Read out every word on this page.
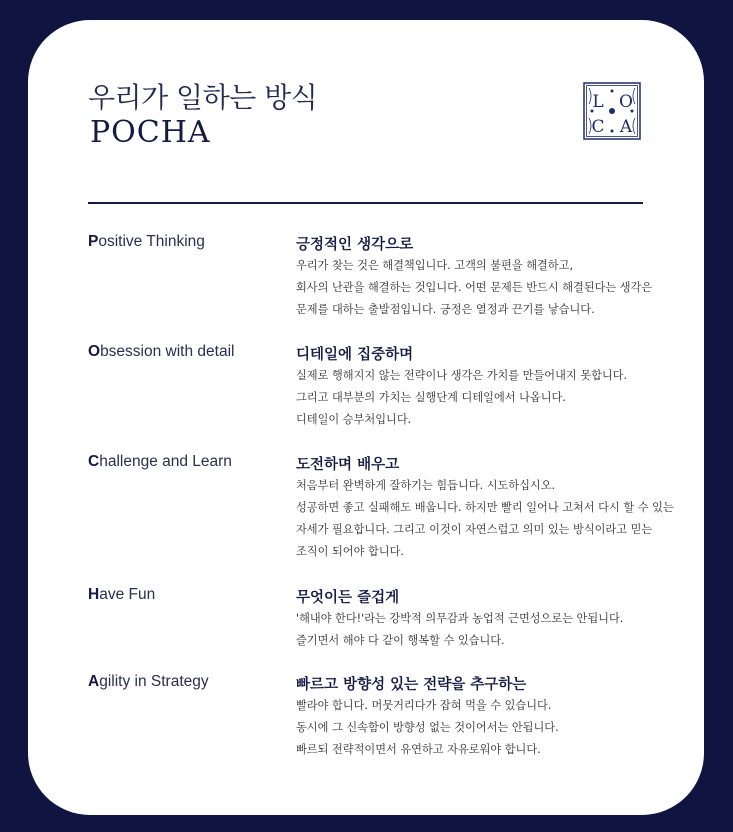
우리가 일하는 방식
POCHA
L O
C A
Positive Thinking	긍정적인 생각으로
우리가 찾는 것은 해결책입니다. 고객의 불편을 해결하고,
회사의 난관을 해결하는 것입니다. 어떤 문제든 반드시 해결된다는 생각은
문제를 대하는 출발점입니다. 긍정은 열정과 끈기를 낳습니다.
Obsession with detail	디테일에 집중하며
실제로 행해지지 않는 전략이나 생각은 가치를 만들어내지 못합니다.
그리고 대부분의 가치는 실행단계 디테일에서 나옵니다.
디테일이 승부처입니다.
Challenge and Learn	도전하며 배우고
처음부터 완벽하게 잘하기는 힘듭니다. 시도하십시오.
성공하면 좋고 실패해도 배웁니다. 하지만 빨리 일어나 고쳐서 다시 할 수 있는
자세가 필요합니다. 그리고 이것이 자연스럽고 의미 있는 방식이라고 믿는
조직이 되어야 합니다.
Have Fun	무엇이든 즐겁게
'해내야 한다!'라는 강박적 의무감과 농업적 근면성으로는 안됩니다.
즐기면서 해야 다 같이 행복할 수 있습니다.
Agility in Strategy	빠르고 방향성 있는 전략을 추구하는
빨라야 합니다. 머뭇거리다가 잡혀 먹을 수 있습니다.
동시에 그 신속함이 방향성 없는 것이어서는 안됩니다.
빠르되 전략적이면서 유연하고 자유로워야 합니다.
